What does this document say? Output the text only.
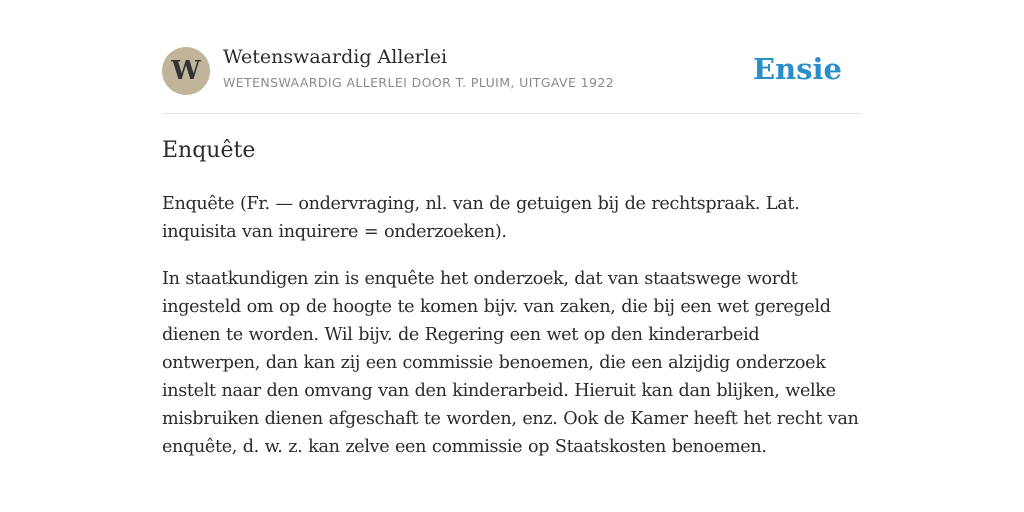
W	Wetenswaardig Allerlei
WETENSWAARDIG ALLERLEI DOOR T. PLUIM, UITGAVE 1922	Ensie
Enquête

Enquête (Fr. — ondervraging, nl. van de getuigen bij de rechtspraak. Lat. inquisita van inquirere = onderzoeken).

In staatkundigen zin is enquête het onderzoek, dat van staatswege wordt ingesteld om op de hoogte te komen bijv. van zaken, die bij een wet geregeld dienen te worden. Wil bijv. de Regering een wet op den kinderarbeid ontwerpen, dan kan zij een commissie benoemen, die een alzijdig onderzoek instelt naar den omvang van den kinderarbeid. Hieruit kan dan blijken, welke misbruiken dienen afgeschaft te worden, enz. Ook de Kamer heeft het recht van enquête, d. w. z. kan zelve een commissie op Staatskosten benoemen.
